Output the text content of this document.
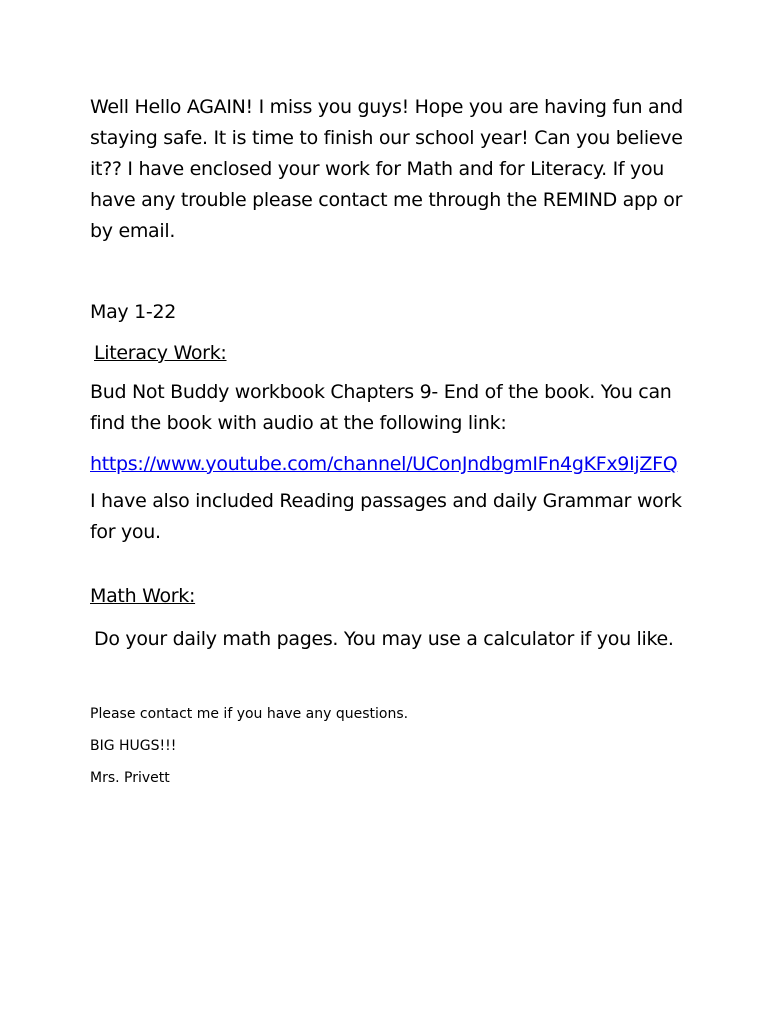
Well Hello AGAIN! I miss you guys! Hope you are having fun and staying safe. It is time to finish our school year! Can you believe it?? I have enclosed your work for Math and for Literacy. If you have any trouble please contact me through the REMIND app or by email.

May 1-22

Literacy Work:

Bud Not Buddy workbook Chapters 9- End of the book. You can find the book with audio at the following link:

https://www.youtube.com/channel/UConJndbgmIFn4gKFx9IjZFQ

I have also included Reading passages and daily Grammar work for you.

Math Work:

Do your daily math pages. You may use a calculator if you like.

Please contact me if you have any questions.

BIG HUGS!!!

Mrs. Privett
